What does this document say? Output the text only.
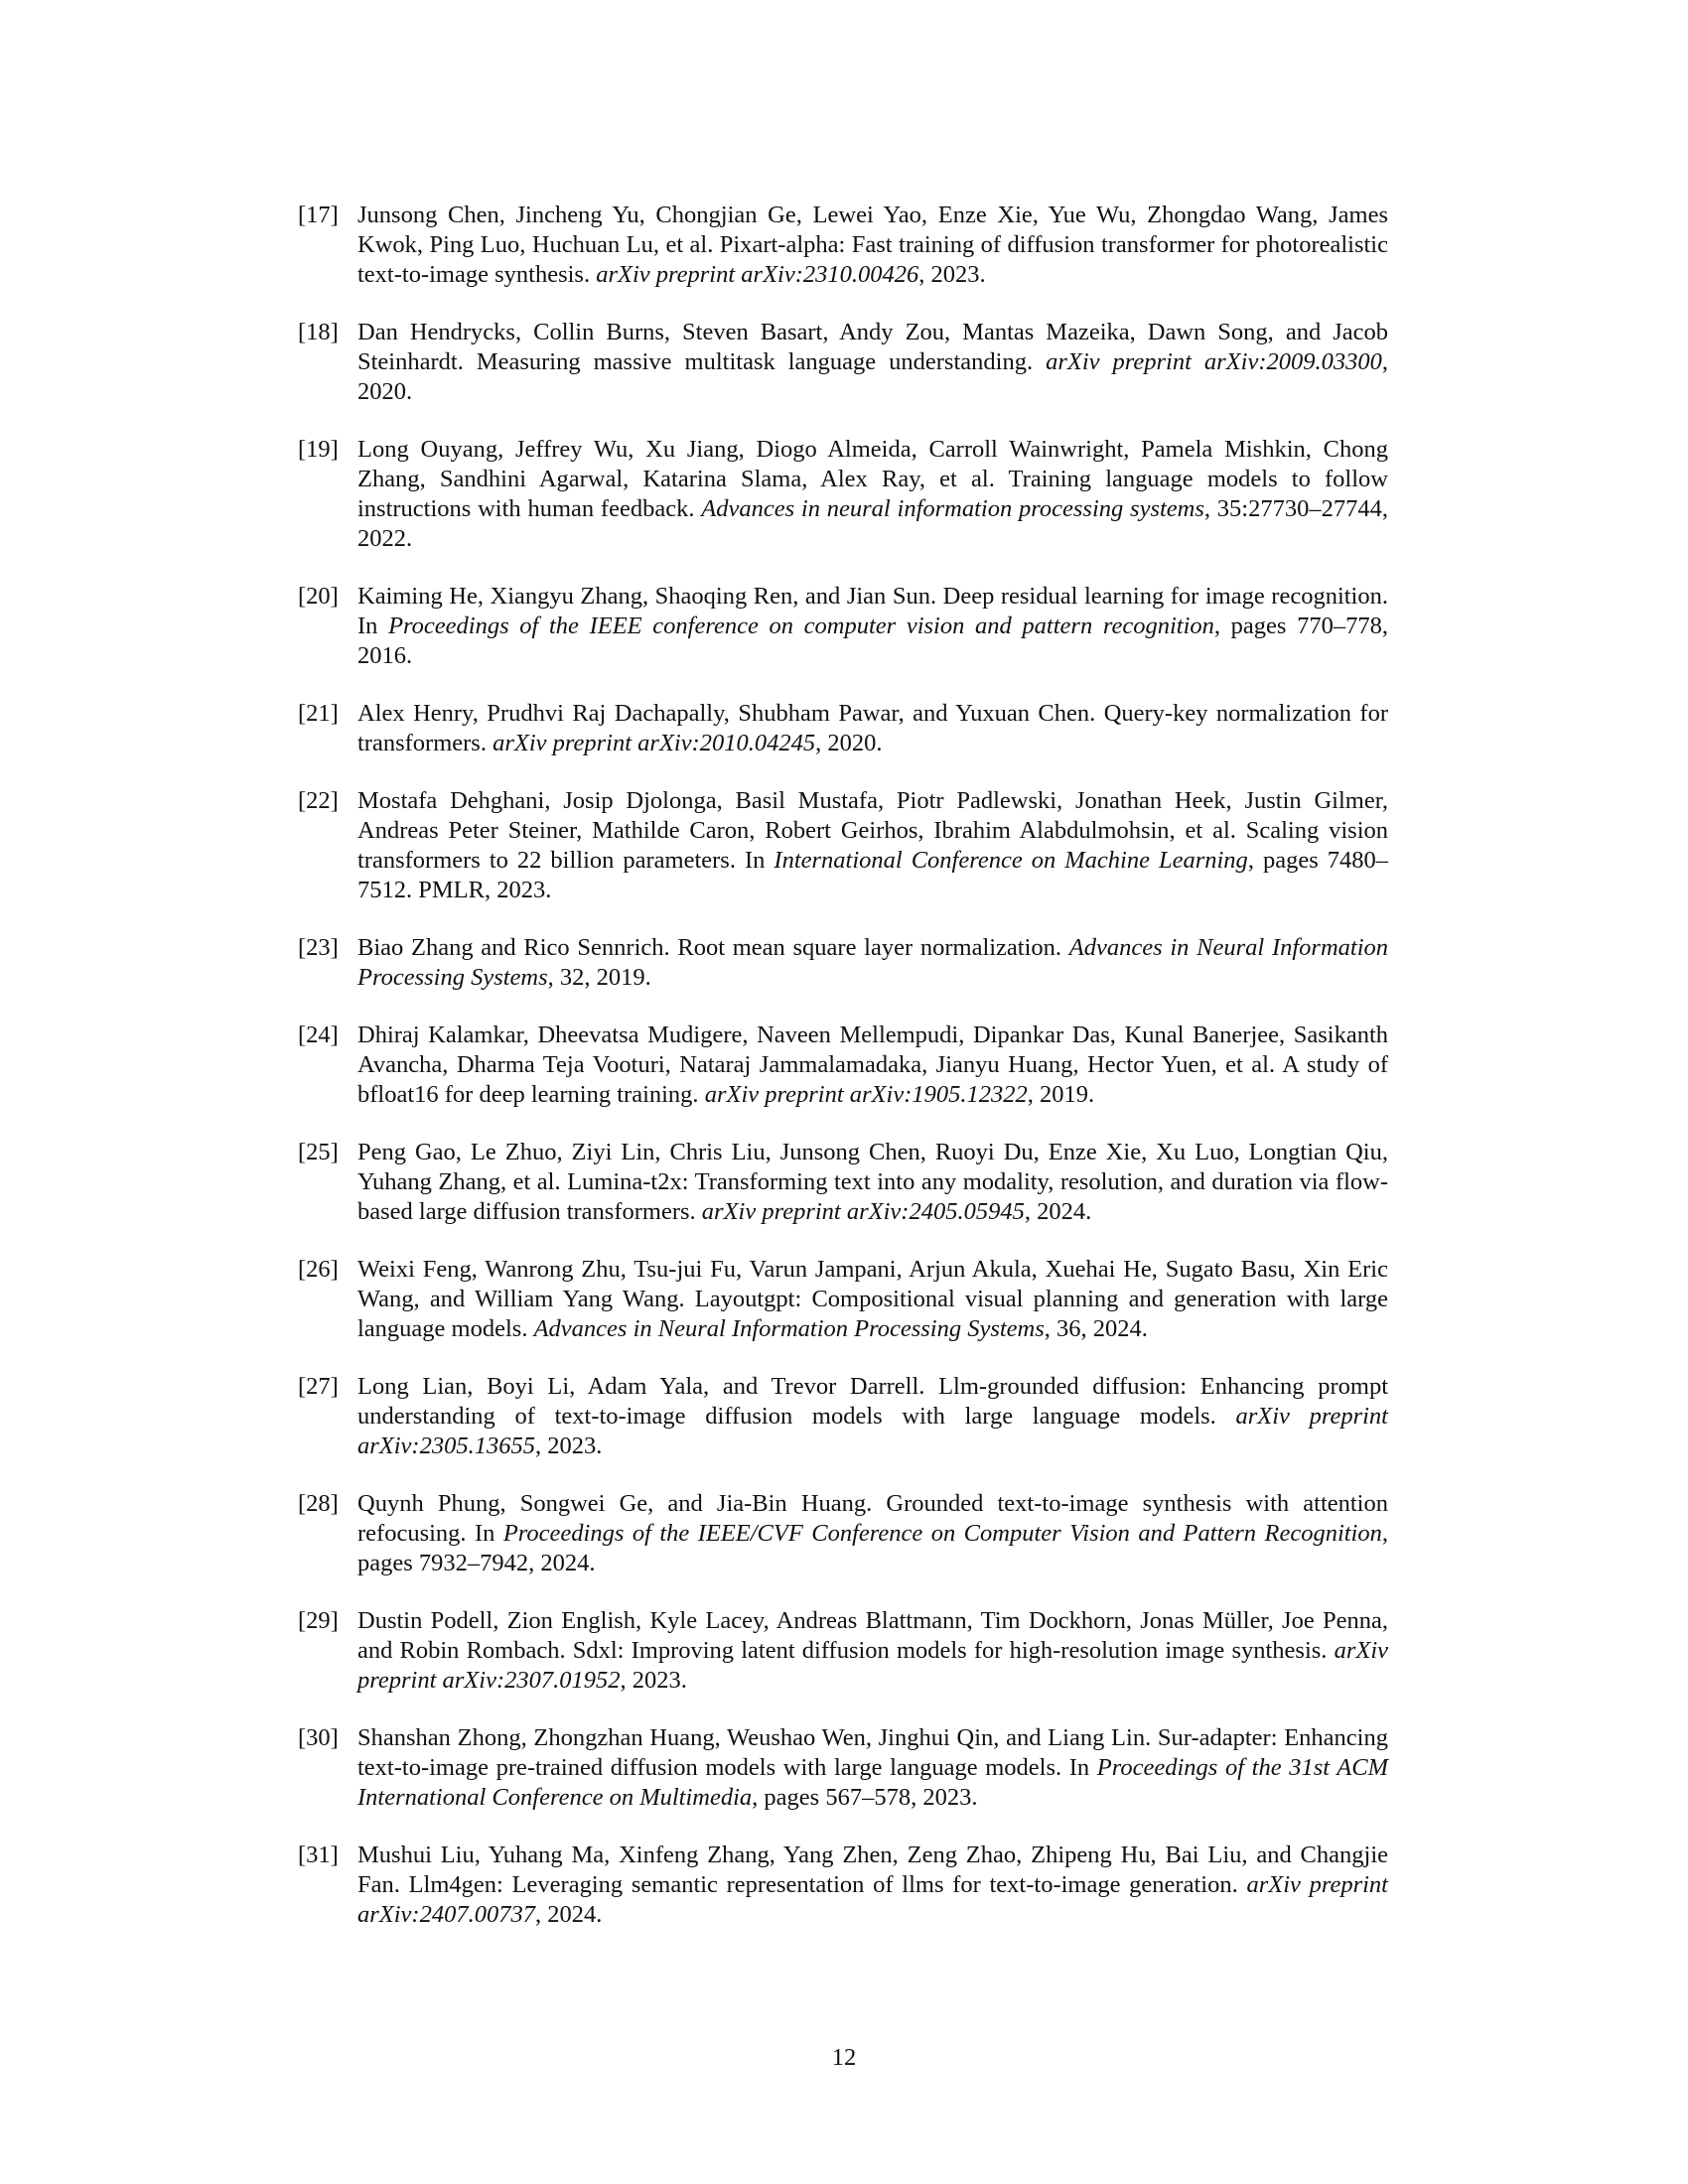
[17] Junsong Chen, Jincheng Yu, Chongjian Ge, Lewei Yao, Enze Xie, Yue Wu, Zhongdao Wang, James Kwok, Ping Luo, Huchuan Lu, et al. Pixart-alpha: Fast training of diffusion transformer for photorealistic text-to-image synthesis. arXiv preprint arXiv:2310.00426, 2023.
[18] Dan Hendrycks, Collin Burns, Steven Basart, Andy Zou, Mantas Mazeika, Dawn Song, and Jacob Steinhardt. Measuring massive multitask language understanding. arXiv preprint arXiv:2009.03300, 2020.
[19] Long Ouyang, Jeffrey Wu, Xu Jiang, Diogo Almeida, Carroll Wainwright, Pamela Mishkin, Chong Zhang, Sandhini Agarwal, Katarina Slama, Alex Ray, et al. Training language models to follow instructions with human feedback. Advances in neural information processing systems, 35:27730–27744, 2022.
[20] Kaiming He, Xiangyu Zhang, Shaoqing Ren, and Jian Sun. Deep residual learning for image recognition. In Proceedings of the IEEE conference on computer vision and pattern recognition, pages 770–778, 2016.
[21] Alex Henry, Prudhvi Raj Dachapally, Shubham Pawar, and Yuxuan Chen. Query-key normalization for transformers. arXiv preprint arXiv:2010.04245, 2020.
[22] Mostafa Dehghani, Josip Djolonga, Basil Mustafa, Piotr Padlewski, Jonathan Heek, Justin Gilmer, Andreas Peter Steiner, Mathilde Caron, Robert Geirhos, Ibrahim Alabdulmohsin, et al. Scaling vision transformers to 22 billion parameters. In International Conference on Machine Learning, pages 7480–7512. PMLR, 2023.
[23] Biao Zhang and Rico Sennrich. Root mean square layer normalization. Advances in Neural Information Processing Systems, 32, 2019.
[24] Dhiraj Kalamkar, Dheevatsa Mudigere, Naveen Mellempudi, Dipankar Das, Kunal Banerjee, Sasikanth Avancha, Dharma Teja Vooturi, Nataraj Jammalamadaka, Jianyu Huang, Hector Yuen, et al. A study of bfloat16 for deep learning training. arXiv preprint arXiv:1905.12322, 2019.
[25] Peng Gao, Le Zhuo, Ziyi Lin, Chris Liu, Junsong Chen, Ruoyi Du, Enze Xie, Xu Luo, Longtian Qiu, Yuhang Zhang, et al. Lumina-t2x: Transforming text into any modality, resolution, and duration via flow-based large diffusion transformers. arXiv preprint arXiv:2405.05945, 2024.
[26] Weixi Feng, Wanrong Zhu, Tsu-jui Fu, Varun Jampani, Arjun Akula, Xuehai He, Sugato Basu, Xin Eric Wang, and William Yang Wang. Layoutgpt: Compositional visual planning and generation with large language models. Advances in Neural Information Processing Systems, 36, 2024.
[27] Long Lian, Boyi Li, Adam Yala, and Trevor Darrell. Llm-grounded diffusion: Enhancing prompt understanding of text-to-image diffusion models with large language models. arXiv preprint arXiv:2305.13655, 2023.
[28] Quynh Phung, Songwei Ge, and Jia-Bin Huang. Grounded text-to-image synthesis with attention refocusing. In Proceedings of the IEEE/CVF Conference on Computer Vision and Pattern Recognition, pages 7932–7942, 2024.
[29] Dustin Podell, Zion English, Kyle Lacey, Andreas Blattmann, Tim Dockhorn, Jonas Müller, Joe Penna, and Robin Rombach. Sdxl: Improving latent diffusion models for high-resolution image synthesis. arXiv preprint arXiv:2307.01952, 2023.
[30] Shanshan Zhong, Zhongzhan Huang, Weushao Wen, Jinghui Qin, and Liang Lin. Sur-adapter: Enhancing text-to-image pre-trained diffusion models with large language models. In Proceedings of the 31st ACM International Conference on Multimedia, pages 567–578, 2023.
[31] Mushui Liu, Yuhang Ma, Xinfeng Zhang, Yang Zhen, Zeng Zhao, Zhipeng Hu, Bai Liu, and Changjie Fan. Llm4gen: Leveraging semantic representation of llms for text-to-image generation. arXiv preprint arXiv:2407.00737, 2024.
12
